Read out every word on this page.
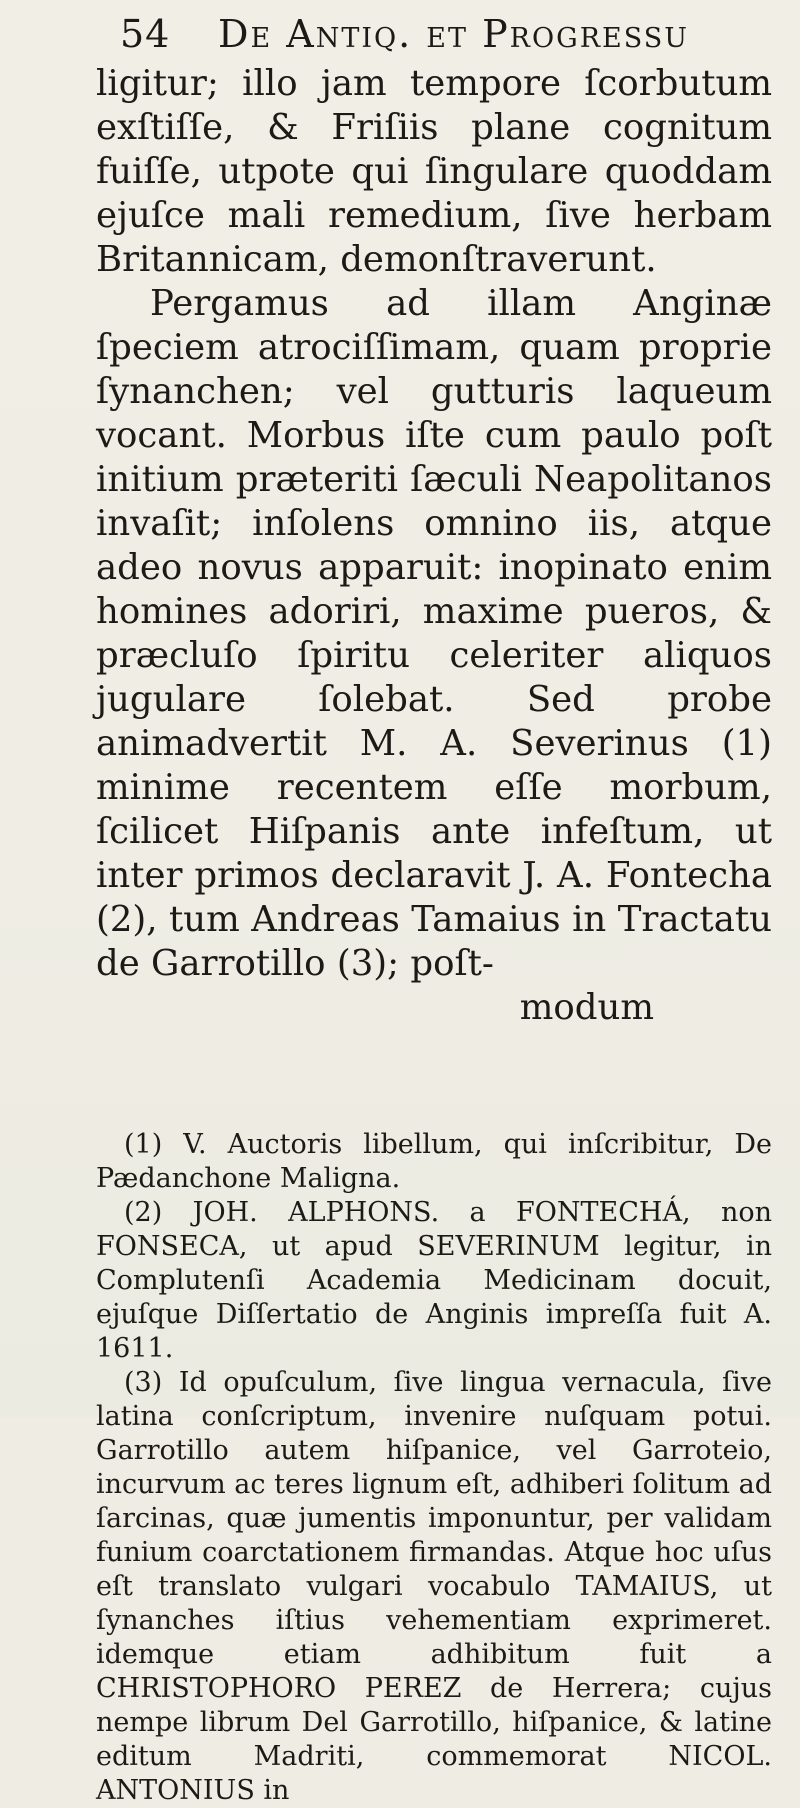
54 De Antiq. et Progressu

ligitur; illo jam tempore ſcorbutum exſtiſſe, & Friſiis plane cognitum fuiſſe, utpote qui ſingulare quoddam ejuſce mali remedium, ſive herbam Britannicam, demonſtraverunt.

Pergamus ad illam Anginæ ſpeciem atrociſſimam, quam proprie ſynanchen; vel gutturis laqueum vocant. Morbus iſte cum paulo poſt initium præteriti ſæculi Neapolitanos invaſit; inſolens omnino iis, atque adeo novus apparuit: inopinato enim homines adoriri, maxime pueros, & præcluſo ſpiritu celeriter aliquos jugulare ſolebat. Sed probe animadvertit M. A. Severinus (1) minime recentem eſſe morbum, ſcilicet Hiſpanis ante infeſtum, ut inter primos declaravit J. A. Fontecha (2), tum Andreas Tamaius in Tractatu de Garrotillo (3); poſt-

modum

(1) V. Auctoris libellum, qui inſcribitur, De Pædanchone Maligna.

(2) JOH. ALPHONS. a FONTECHÁ, non FONSECA, ut apud SEVERINUM legitur, in Complutenſi Academia Medicinam docuit, ejuſque Diſſertatio de Anginis impreſſa fuit A. 1611.

(3) Id opuſculum, ſive lingua vernacula, ſive latina conſcriptum, invenire nuſquam potui. Garrotillo autem hiſpanice, vel Garroteio, incurvum ac teres lignum eſt, adhiberi ſolitum ad ſarcinas, quæ jumentis imponuntur, per validam funium coarctationem firmandas. Atque hoc uſus eſt translato vulgari vocabulo TAMAIUS, ut ſynanches iſtius vehementiam exprimeret. idemque etiam adhibitum fuit a CHRISTOPHORO PEREZ de Herrera; cujus nempe librum Del Garrotillo, hiſpanice, & latine editum Madriti, commemorat NICOL. ANTONIUS in
